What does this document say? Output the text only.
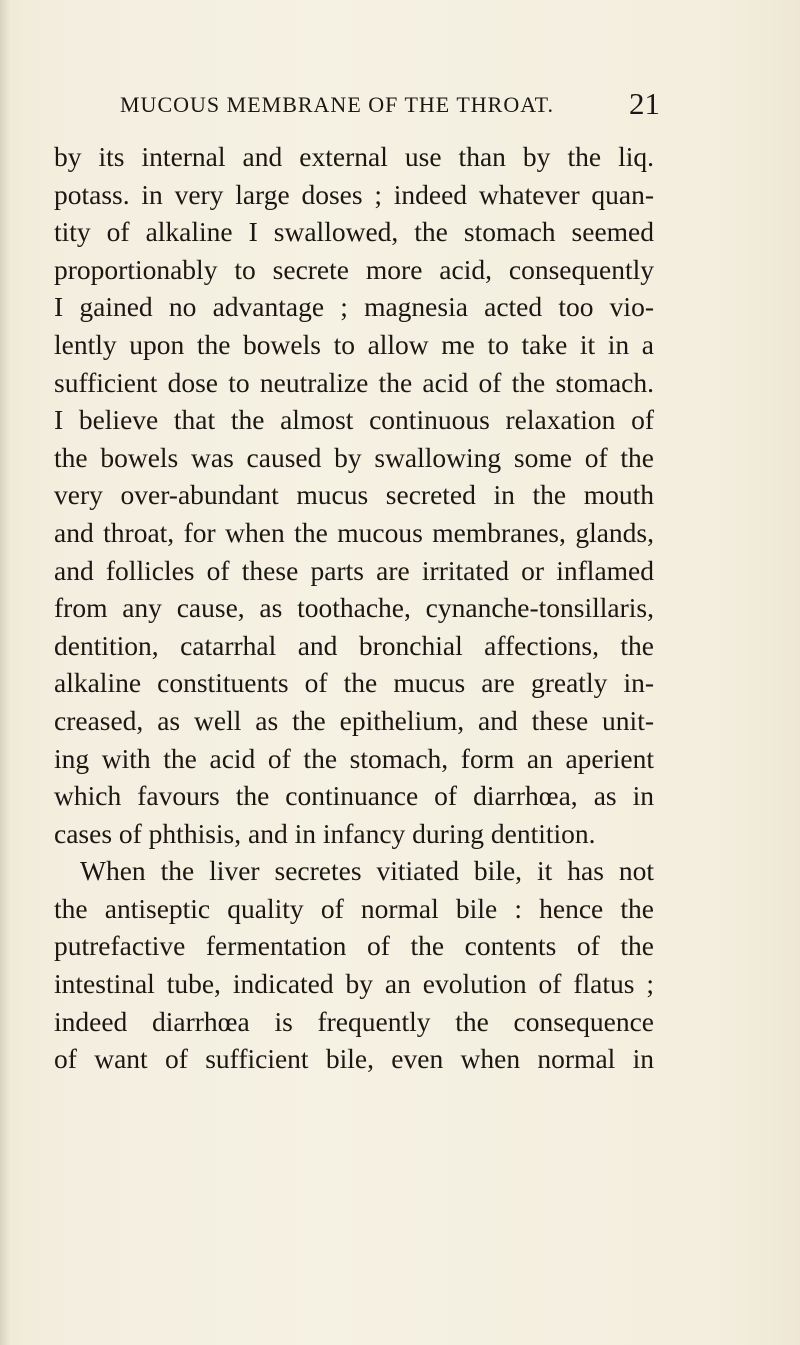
MUCOUS MEMBRANE OF THE THROAT. 21
by its internal and external use than by the liq.
potass. in very large doses ; indeed whatever quan-
tity of alkaline I swallowed, the stomach seemed
proportionably to secrete more acid, consequently
I gained no advantage ; magnesia acted too vio-
lently upon the bowels to allow me to take it in a
sufficient dose to neutralize the acid of the stomach.
I believe that the almost continuous relaxation of
the bowels was caused by swallowing some of the
very over-abundant mucus secreted in the mouth
and throat, for when the mucous membranes, glands,
and follicles of these parts are irritated or inflamed
from any cause, as toothache, cynanche-tonsillaris,
dentition, catarrhal and bronchial affections, the
alkaline constituents of the mucus are greatly in-
creased, as well as the epithelium, and these unit-
ing with the acid of the stomach, form an aperient
which favours the continuance of diarrhœa, as in
cases of phthisis, and in infancy during dentition.
When the liver secretes vitiated bile, it has not
the antiseptic quality of normal bile : hence the
putrefactive fermentation of the contents of the
intestinal tube, indicated by an evolution of flatus ;
indeed diarrhœa is frequently the consequence
of want of sufficient bile, even when normal in
